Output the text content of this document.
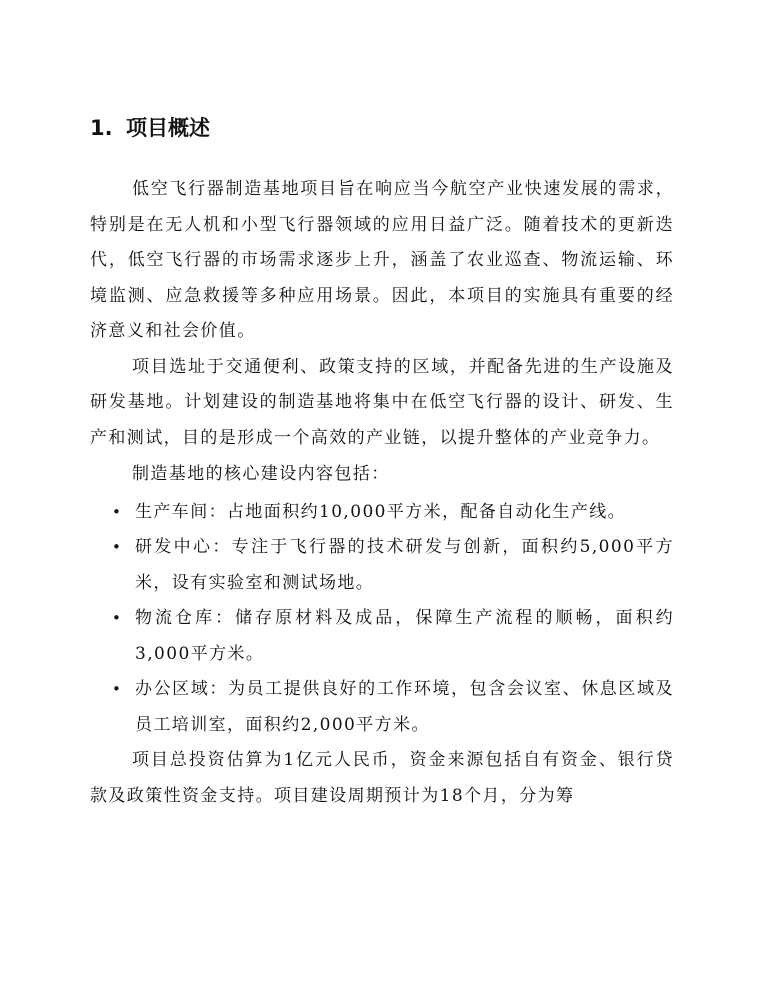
1. 项目概述

低空飞行器制造基地项目旨在响应当今航空产业快速发展的需求，特别是在无人机和小型飞行器领域的应用日益广泛。随着技术的更新迭代，低空飞行器的市场需求逐步上升，涵盖了农业巡查、物流运输、环境监测、应急救援等多种应用场景。因此，本项目的实施具有重要的经济意义和社会价值。

项目选址于交通便利、政策支持的区域，并配备先进的生产设施及研发基地。计划建设的制造基地将集中在低空飞行器的设计、研发、生产和测试，目的是形成一个高效的产业链，以提升整体的产业竞争力。

制造基地的核心建设内容包括：

• 生产车间：占地面积约10,000平方米，配备自动化生产线。
• 研发中心：专注于飞行器的技术研发与创新，面积约5,000平方米，设有实验室和测试场地。
• 物流仓库：储存原材料及成品，保障生产流程的顺畅，面积约3,000平方米。
• 办公区域：为员工提供良好的工作环境，包含会议室、休息区域及员工培训室，面积约2,000平方米。

项目总投资估算为1亿元人民币，资金来源包括自有资金、银行贷款及政策性资金支持。项目建设周期预计为18个月，分为筹
